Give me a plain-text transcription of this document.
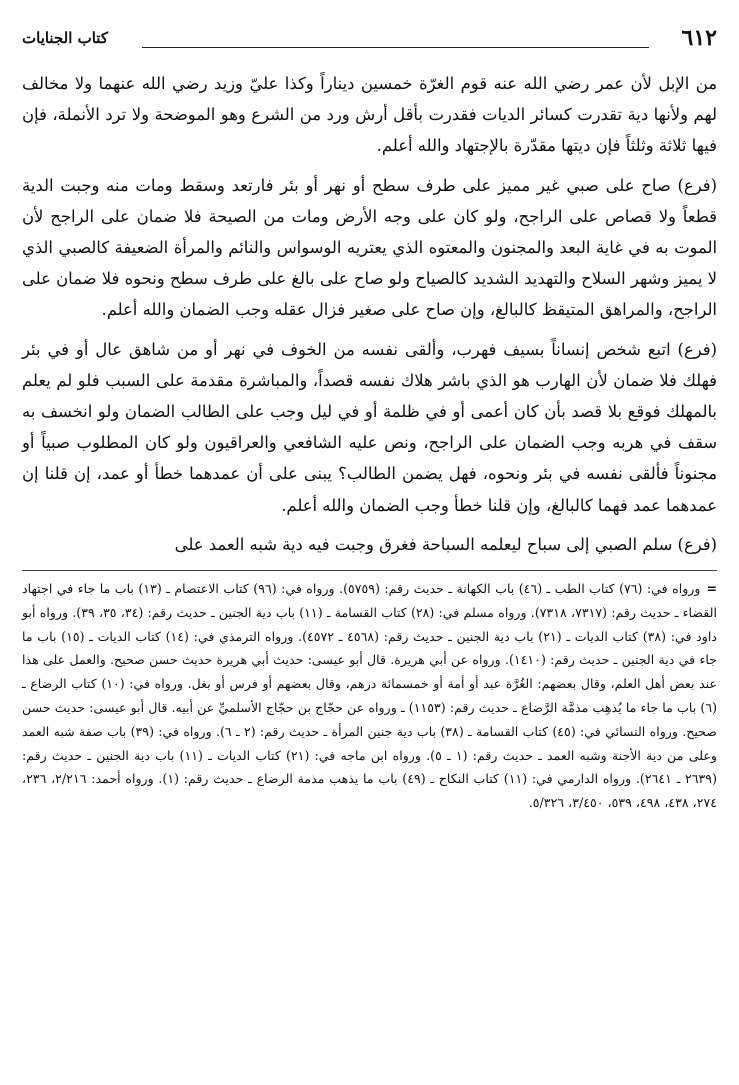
٦١٢
كتاب الجنايات

من الإبل لأن عمر رضي الله عنه قوم الغرّة خمسين ديناراً وكذا عليّ وزيد رضي الله عنهما ولا مخالف لهم ولأنها دية تقدرت كسائر الديات فقدرت بأقل أرش ورد من الشرع وهو الموضحة ولا ترد الأنملة، فإن فيها ثلاثة وثلثاً فإن ديتها مقدّرة بالإجتهاد والله أعلم.

(فرع) صاح على صبي غير مميز على طرف سطح أو نهر أو بئر فارتعد وسقط ومات منه وجبت الدية قطعاً ولا قصاص على الراجح، ولو كان على وجه الأرض ومات من الصيحة فلا ضمان على الراجح لأن الموت به في غاية البعد والمجنون والمعتوه الذي يعتريه الوسواس والنائم والمرأة الضعيفة كالصبي الذي لا يميز وشهر السلاح والتهديد الشديد كالصياح ولو صاح على بالغ على طرف سطح ونحوه فلا ضمان على الراجح، والمراهق المتيقظ كالبالغ، وإن صاح على صغير فزال عقله وجب الضمان والله أعلم.

(فرع) اتبع شخص إنساناً بسيف فهرب، وألقى نفسه من الخوف في نهر أو من شاهق عال أو في بئر فهلك فلا ضمان لأن الهارب هو الذي باشر هلاك نفسه قصداً، والمباشرة مقدمة على السبب فلو لم يعلم بالمهلك فوقع بلا قصد بأن كان أعمى أو في ظلمة أو في ليل وجب على الطالب الضمان ولو انخسف به سقف في هربه وجب الضمان على الراجح، ونص عليه الشافعي والعراقيون ولو كان المطلوب صبياً أو مجنوناً فألقى نفسه في بئر ونحوه، فهل يضمن الطالب؟ يبنى على أن عمدهما خطأ أو عمد، إن قلنا إن عمدهما عمد فهما كالبالغ، وإن قلنا خطأ وجب الضمان والله أعلم.

(فرع) سلم الصبي إلى سباح ليعلمه السباحة فغرق وجبت فيه دية شبه العمد على

=ورواه في: (٧٦) كتاب الطب ـ (٤٦) باب الكهانة ـ حديث رقم: (٥٧٥٩). ورواه في: (٩٦) كتاب الاعتصام ـ (١٣) باب ما جاء في اجتهاد القضاء ـ حديث رقم: (٧٣١٧، ٧٣١٨). ورواه مسلم في: (٢٨) كتاب القسامة ـ (١١) باب دية الجنين ـ حديث رقم: (٣٤، ٣٥، ٣٩). ورواه أبو داود في: (٣٨) كتاب الديات ـ (٢١) باب دية الجنين ـ حديث رقم: (٤٥٦٨ ـ ٤٥٧٢). ورواه الترمذي في: (١٤) كتاب الديات ـ (١٥) باب ما جاء في دية الجنين ـ حديث رقم: (١٤١٠). ورواه عن أبي هريرة. قال أبو عيسى: حديث أبي هريرة حديث حسن صحيح. والعمل على هذا عند بعض أهل العلم، وقال بعضهم: الغُرَّة عبد أو أمة أو خمسمائة درهم، وقال بعضهم أو فرس أو بغل. ورواه في: (١٠) كتاب الرضاع ـ (٦) باب ما جاء ما يُذهِب مذمَّة الرَّضاع ـ حديث رقم: (١١٥٣) ـ ورواه عن حجّاج بن حجّاج الأسلميِّ عن أبيه. قال أبو عيسى: حديث حسن صحيح. ورواه النسائي في: (٤٥) كتاب القسامة ـ (٣٨) باب دية جنين المرأة ـ حديث رقم: (٢ ـ ٦). ورواه في: (٣٩) باب صفة شبه العمد وعلى من دية الأجنة وشبه العمد ـ حديث رقم: (١ ـ ٥). ورواه ابن ماجه في: (٢١) كتاب الديات ـ (١١) باب دية الجنين ـ حديث رقم: (٢٦٣٩ ـ ٢٦٤١). ورواه الدارمي في: (١١) كتاب النكاح ـ (٤٩) باب ما يذهب مذمة الرضاع ـ حديث رقم: (١). ورواه أحمد: ٢/٢١٦، ٢٣٦، ٢٧٤، ٤٣٨، ٤٩٨، ٥٣٩، ٣/٤٥٠، ٥/٣٢٦.
